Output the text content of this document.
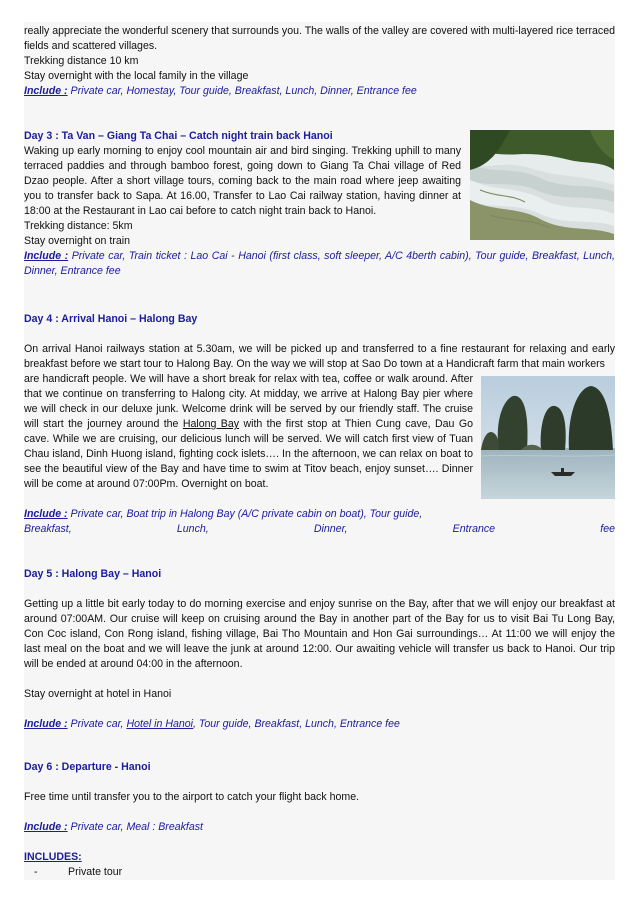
really appreciate the wonderful scenery that surrounds you. The walls of the valley are covered with multi-layered rice terraced fields and scattered villages.

Trekking distance 10 km

Stay overnight with the local family in the village

Include : Private car, Homestay, Tour guide, Breakfast, Lunch, Dinner, Entrance fee

Day 3 : Ta Van – Giang Ta Chai – Catch night train back Hanoi

Waking up early morning to enjoy cool mountain air and bird singing. Trekking uphill to many terraced paddies and through bamboo forest, going down to Giang Ta Chai village of Red Dzao people. After a short village tours, coming back to the main road where jeep awaiting you to transfer back to Sapa. At 16.00, Transfer to Lao Cai railway station, having dinner at 18:00 at the Restaurant in Lao cai before to catch night train back to Hanoi.

Trekking distance: 5km

Stay overnight on train

Include : Private car, Train ticket : Lao Cai - Hanoi (first class, soft sleeper, A/C 4berth cabin), Tour guide, Breakfast, Lunch, Dinner, Entrance fee

Day 4 : Arrival Hanoi – Halong Bay

On arrival Hanoi railways station at 5.30am, we will be picked up and transferred to a fine restaurant for relaxing and early breakfast before we start tour to Halong Bay. On the way we will stop at Sao Do town at a Handicraft farm that main workers

are handicraft people. We will have a short break for relax with tea, coffee or walk around. After that we continue on transferring to Halong city. At midday, we arrive at Halong Bay pier where we will check in our deluxe junk. Welcome drink will be served by our friendly staff. The cruise will start the journey around the Halong Bay with the first stop at Thien Cung cave, Dau Go cave. While we are cruising, our delicious lunch will be served. We will catch first view of Tuan Chau island, Dinh Huong island, fighting cock islets…. In the afternoon, we can relax on boat to see the beautiful view of the Bay and have time to swim at Titov beach, enjoy sunset…. Dinner will be come at around 07:00Pm. Overnight on boat.

Include : Private car, Boat trip in Halong Bay (A/C private cabin on boat), Tour guide,

Breakfast, Lunch, Dinner, Entrance fee

Day 5 : Halong Bay – Hanoi

Getting up a little bit early today to do morning exercise and enjoy sunrise on the Bay, after that we will enjoy our breakfast at around 07:00AM. Our cruise will keep on cruising around the Bay in another part of the Bay for us to visit Bai Tu Long Bay, Con Coc island, Con Rong island, fishing village, Bai Tho Mountain and Hon Gai surroundings… At 11:00 we will enjoy the last meal on the boat and we will leave the junk at around 12:00. Our awaiting vehicle will transfer us back to Hanoi. Our trip will be ended at around 04:00 in the afternoon.

Stay overnight at hotel in Hanoi

Include : Private car, Hotel in Hanoi, Tour guide, Breakfast, Lunch, Entrance fee

Day 6 : Departure - Hanoi

Free time until transfer you to the airport to catch your flight back home.

Include : Private car, Meal : Breakfast

INCLUDES:

-	Private tour
